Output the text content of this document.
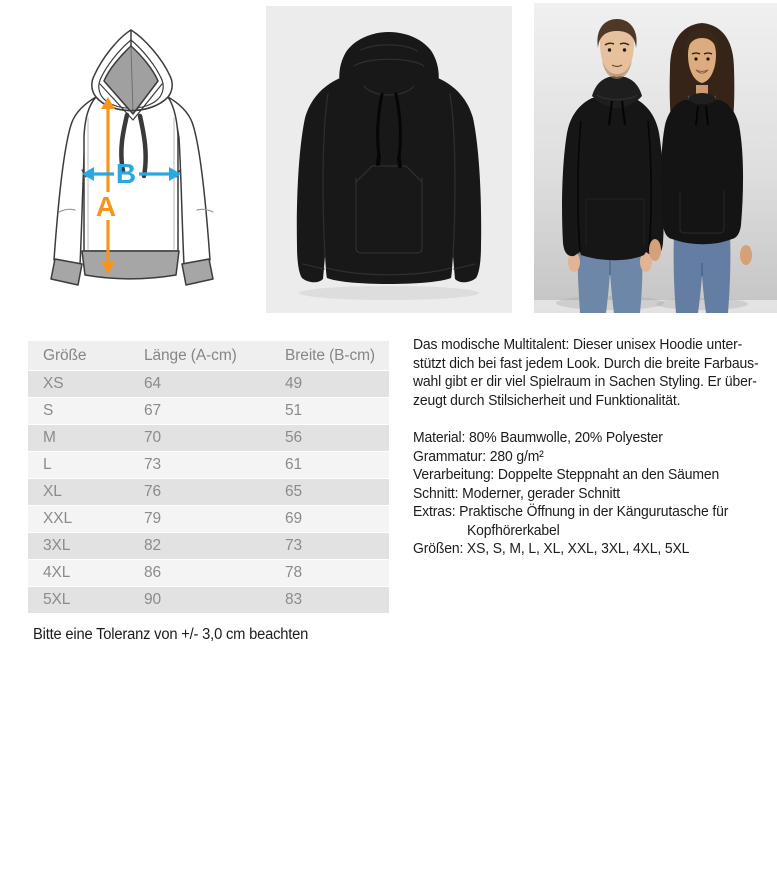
A
B
Größe	Länge (A-cm)	Breite (B-cm)
XS	64	49
S	67	51
M	70	56
L	73	61
XL	76	65
XXL	79	69
3XL	82	73
4XL	86	78
5XL	90	83

Das modische Multitalent: Dieser unisex Hoodie unter-

stützt dich bei fast jedem Look. Durch die breite Farbaus-

wahl gibt er dir viel Spielraum in Sachen Styling. Er über-

zeugt durch Stilsicherheit und Funktionalität.

Material: 80% Baumwolle, 20% Polyester

Grammatur: 280 g/m²

Verarbeitung: Doppelte Steppnaht an den Säumen

Schnitt: Moderner, gerader Schnitt

Extras: Praktische Öffnung in der Kängurutasche für

Kopfhörerkabel

Größen: XS, S, M, L, XL, XXL, 3XL, 4XL, 5XL

Bitte eine Toleranz von +/- 3,0 cm beachten
